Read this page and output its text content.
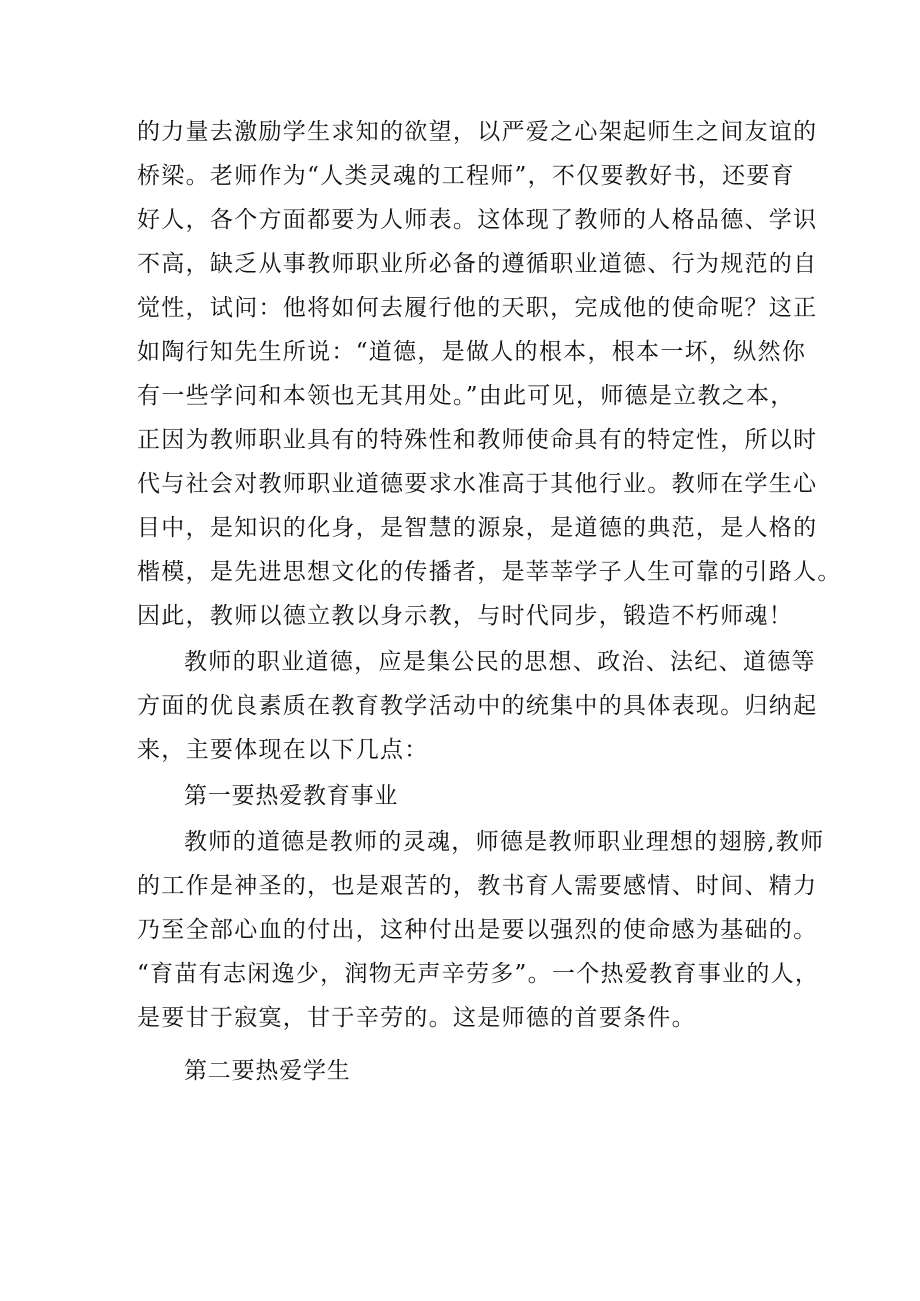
的力量去激励学生求知的欲望，以严爱之心架起师生之间友谊的
桥梁。老师作为“人类灵魂的工程师”，不仅要教好书，还要育
好人，各个方面都要为人师表。这体现了教师的人格品德、学识
不高，缺乏从事教师职业所必备的遵循职业道德、行为规范的自
觉性，试问：他将如何去履行他的天职，完成他的使命呢？这正
如陶行知先生所说：“道德，是做人的根本，根本一坏，纵然你
有一些学问和本领也无其用处。”由此可见，师德是立教之本，
正因为教师职业具有的特殊性和教师使命具有的特定性，所以时
代与社会对教师职业道德要求水准高于其他行业。教师在学生心
目中，是知识的化身，是智慧的源泉，是道德的典范，是人格的
楷模，是先进思想文化的传播者，是莘莘学子人生可靠的引路人。
因此，教师以德立教以身示教，与时代同步，锻造不朽师魂！
教师的职业道德，应是集公民的思想、政治、法纪、道德等
方面的优良素质在教育教学活动中的统集中的具体表现。归纳起
来，主要体现在以下几点：
第一要热爱教育事业
教师的道德是教师的灵魂，师德是教师职业理想的翅膀,教师
的工作是神圣的，也是艰苦的，教书育人需要感情、时间、精力
乃至全部心血的付出，这种付出是要以强烈的使命感为基础的。
“育苗有志闲逸少，润物无声辛劳多”。一个热爱教育事业的人，
是要甘于寂寞，甘于辛劳的。这是师德的首要条件。
第二要热爱学生
